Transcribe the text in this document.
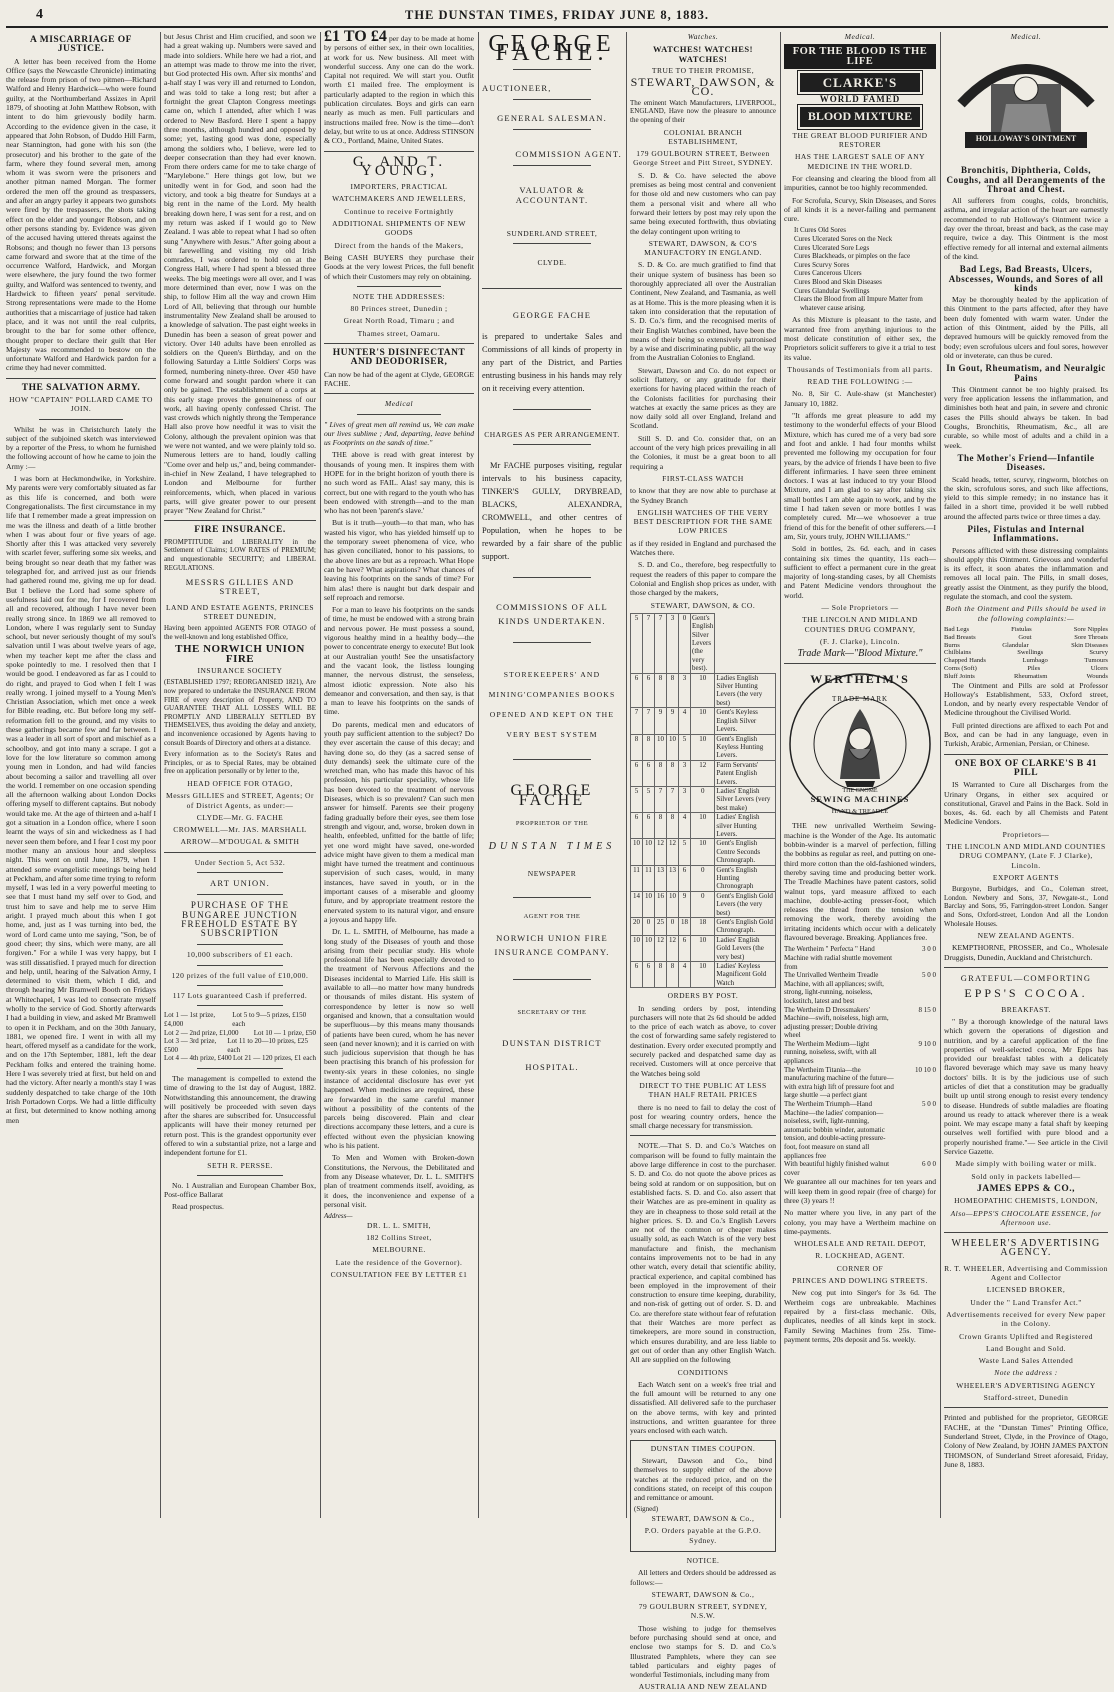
4	THE DUNSTAN TIMES, FRIDAY JUNE 8, 1883.
A MISCARRIAGE OF JUSTICE.

A letter has been received from the Home Office (says the Newcastle Chronicle) intimating the release from prison of two pitmen—Richard Walford and Henry Hardwick—who were found guilty, at the Northumberland Assizes in April 1879, of shooting at John Matthew Robson, with intent to do him grievously bodily harm. According to the evidence given in the case, it appeared that John Robson, of Duddo Hill Farm, near Stannington, had gone with his son (the prosecutor) and his brother to the gate of the farm, where they found several men, among whom it was sworn were the prisoners and another pitman named Morgan. The former ordered the men off the ground as trespassers, and after an angry parley it appears two gunshots were fired by the trespassers, the shots taking effect on the elder and younger Robson, and on other persons standing by. Evidence was given of the accused having uttered threats against the Robsons; and though no fewer than 13 persons came forward and swore that at the time of the occurrence Walford, Hardwick, and Morgan were elsewhere, the jury found the two former guilty, and Walford was sentenced to twenty, and Hardwick to fifteen years' penal servitude. Strong representations were made to the Home authorities that a miscarriage of justice had taken place, and it was not until the real culprits, brought to the bar for some other offence, thought proper to declare their guilt that Her Majesty was recommended to bestow on the unfortunate Walford and Hardwick pardon for a crime they had never committed.

THE SALVATION ARMY.
HOW "CAPTAIN" POLLARD CAME TO JOIN.

Whilst he was in Christchurch lately the subject of the subjoined sketch was interviewed by a reporter of the Press, to whom he furnished the following account of how he came to join the Army :—

I was born at Heckmondwike, in Yorkshire. My parents were very comfortably situated as far as this life is concerned, and both were Congregationalists. The first circumstance in my life that I remember made a great impression on me was the illness and death of a little brother when I was about four or five years of age. Shortly after this I was attacked very severely with scarlet fever, suffering some six weeks, and being brought so near death that my father was telegraphed for, and arrived just as our friends had gathered round me, giving me up for dead. But I believe the Lord had some sphere of usefulness laid out for me, for I recovered from all and recovered, although I have never been really strong since. In 1869 we all removed to London, where I was regularly sent to Sunday school, but never seriously thought of my soul's salvation until I was about twelve years of age, when my teacher kept me after the class and spoke pointedly to me. I resolved then that I would be good. I endeavored as far as I could to do right, and prayed to God when I felt I was really wrong. I joined myself to a Young Men's Christian Association, which met once a week for Bible reading, etc. But before long my self-reformation fell to the ground, and my visits to these gatherings became few and far between. I was a leader in all sort of sport and mischief as a schoolboy, and got into many a scrape. I got a love for the low literature so common among young men in London, and had wild fancies about becoming a sailor and travelling all over the world. I remember on one occasion spending all the afternoon walking about London Docks offering myself to different captains. But nobody would take me. At the age of thirteen and a-half I got a situation in a London office, where I soon learnt the ways of sin and wickedness as I had never seen them before, and I fear I cost my poor mother many an anxious hour and sleepless night. This went on until June, 1879, when I attended some evangelistic meetings being held at Peckham, and after some time trying to reform myself, I was led in a very powerful meeting to see that I must hand my self over to God, and trust him to save and help me to serve Him aright. I prayed much about this when I got home, and, just as I was turning into bed, the word of Lord came unto me saying, "Son, be of good cheer; thy sins, which were many, are all forgiven." For a while I was very happy, but I was still dissatisfied. I prayed much for direction and help, until, hearing of the Salvation Army, I determined to visit them, which I did, and through hearing Mr Bramwell Booth on Fridays at Whitechapel, I was led to consecrate myself wholly to the service of God. Shortly afterwards I had a building in view, and asked Mr Bramwell to open it in Peckham, and on the 30th January, 1881, we opened fire. I went in with all my heart, offered myself as a candidate for the work, and on the 17th September, 1881, left the dear Peckham folks and entered the training home. Here I was severely tried at first, but held on and had the victory. After nearly a month's stay I was suddenly despatched to take charge of the 10th Irish Portadown Corps. We had a little difficulty at first, but determined to know nothing among men

but Jesus Christ and Him crucified, and soon we had a great waking up. Numbers were saved and made into soldiers. While here we had a riot, and an attempt was made to throw me into the river, but God protected His own. After six months' and a-half stay I was very ill and returned to London, and was told to take a long rest; but after a fortnight the great Clapton Congress meetings came on, which I attended, after which I was ordered to New Basford. Here I spent a happy three months, although hundred and opposed by some; yet, lasting good was done, especially among the soldiers who, I believe, were led to deeper consecration than they had ever known. From there orders came for me to take charge of "Marylebone." Here things got low, but we unitedly went in for God, and soon had the victory, and took a big theatre for Sundays at a big rent in the name of the Lord. My health breaking down here, I was sent for a rest, and on my return was asked if I would go to New Zealand. I was able to repeat what I had so often sung "Anywhere with Jesus." After going about a bit farewelling and visiting my old Irish comrades, I was ordered to hold on at the Congress Hall, where I had spent a blessed three weeks. The big meetings were all over, and I was more determined than ever, now I was on the ship, to follow Him all the way and crown Him Lord of All, believing that through our humble instrumentality New Zealand shall be aroused to a knowledge of salvation. The past eight weeks in Dunedin has been a season of great power and victory. Over 140 adults have been enrolled as soldiers on the Queen's Birthday, and on the following Saturday a Little Soldiers' Corps was formed, numbering ninety-three. Over 450 have come forward and sought pardon where it can only be gained. The establishment of a corps at this early stage proves the genuineness of our work, all having openly confessed Christ. The vast crowds which nightly throng the Temperance Hall also prove how needful it was to visit the Colony, although the prevalent opinion was that we were not wanted, and we were plainly told so. Numerous letters are to hand, loudly calling "Come over and help us," and, being commander-in-chief in New Zealand, I have telegraphed to London and Melbourne for further reinforcements, which, when placed in various parts, will give greater power to our present prayer "New Zealand for Christ."

FIRE INSURANCE.

PROMPTITUDE and LIBERALITY in the Settlement of Claims; LOW RATES of PREMIUM; and unquestionable SECURITY; and LIBERAL REGULATIONS.

MESSRS GILLIES AND STREET,
LAND AND ESTATE AGENTS, PRINCES STREET DUNEDIN,

Having been appointed AGENTS FOR OTAGO of the well-known and long established Office,

THE NORWICH UNION FIRE
INSURANCE SOCIETY

(ESTABLISHED 1797; REORGANISED 1821), Are now prepared to undertake the INSURANCE FROM FIRE of every description of Property, AND TO GUARANTEE THAT ALL LOSSES WILL BE PROMPTLY AND LIBERALLY SETTLED BY THEMSELVES, thus avoiding the delay and anxiety, and inconvenience occasioned by Agents having to consult Boards of Directory and others at a distance.

Every information as to the Society's Rates and Principles, or as to Special Rates, may be obtained free on application personally or by letter to the,

HEAD OFFICE FOR OTAGO,
Messrs GILLIES and STREET, Agents; Or of District Agents, as under:—
CLYDE—Mr. G. FACHE
CROMWELL—Mr. JAS. MARSHALL
ARROW—M'DOUGAL & SMITH
Under Section 5, Act 532.
ART UNION.
PURCHASE OF THE BUNGAREE JUNCTION FREEHOLD ESTATE BY SUBSCRIPTION
10,000 subscribers of £1 each.
120 prizes of the full value of £10,000.
117 Lots guaranteed Cash if preferred.
Lot 1 — 1st prize, £4,000
Lot 5 to 9—5 prizes, £150 each
Lot 2 — 2nd prize, £1,000 Lot 10 — 1 prize, £50
Lot 3 — 3rd prize, £500
Lot 11 to 20—10 prizes, £25 each
Lot 4 — 4th prize, £400 Lot 21 — 120 prizes, £1 each

The management is compelled to extend the time of drawing to the 1st day of August, 1882. Notwithstanding this announcement, the drawing will positively be proceeded with seven days after the shares are subscribed for. Unsuccessful applicants will have their money returned per return post. This is the grandest opportunity ever offered to win a substantial prize, not a large and independent fortune for £1.

SETH R. PERSSE.

No. 1 Australian and European Chamber Box, Post-office Ballarat

Read prospectus.

£1 TO £4 per day to be made at home by persons of either sex, in their own localities, at work for us. New business. All meet with wonderful success. Any one can do the work. Capital not required. We will start you. Outfit worth £1 mailed free. The employment is particularly adapted to the region in which this publication circulates. Boys and girls can earn nearly as much as men. Full particulars and instructions mailed free. Now is the time—don't delay, but write to us at once. Address STINSON & CO., Portland, Maine, United States.

G. AND T. YOUNG,
IMPORTERS, PRACTICAL
WATCHMAKERS AND JEWELLERS,
Continue to receive Fortnightly
ADDITIONAL SHIPMENTS OF NEW GOODS
Direct from the hands of the Makers,

Being CASH BUYERS they purchase their Goods at the very lowest Prices, the full benefit of which their Customers may rely on obtaining.

NOTE THE ADDRESSES:
80 Princes street, Dunedin ;
Great North Road, Timaru ; and
Thames street, Oamaru.
HUNTER'S DISINFECTANT AND DEODORISER,

Can now be had of the agent at Clyde, GEORGE FACHE.

Medical

" Lives of great men all remind us, We can make our lives sublime ; And, departing, leave behind us Footprints on the sands of time."

THE above is read with great interest by thousands of young men. It inspires them with HOPE for in the bright horizon of youth there is no such word as FAIL. Alas! say many, this is correct, but one with regard to the youth who has been endowed with strength—and to the man who has not been 'parent's slave.'

But is it truth—youth—to that man, who has wasted his vigor, who has yielded himself up to the temporary sweet phenomena of vice, who has given conciliated, honor to his passions, to the above lines are but as a reproach. What Hope can be have? What aspirations? What chances of leaving his footprints on the sands of time? For him alas! there is naught but dark despair and self reproach and remorse.

For a man to leave his footprints on the sands of time, he must be endowed with a strong brain and nervous power. He must possess a sound, vigorous healthy mind in a healthy body—the power to concentrate energy to execute! But look at our Australian youth! See the unsatisfactory and the vacant look, the listless lounging manner, the nervous distrust, the senseless, almost idiotic expression. Note also his demeanor and conversation, and then say, is that a man to leave his footprints on the sands of time.

Do parents, medical men and educators of youth pay sufficient attention to the subject? Do they ever ascertain the cause of this decay; and having done so, do they (as a sacred sense of duty demands) seek the ultimate cure of the wretched man, who has made this havoc of his profession, his particular speciality, whose life has been devoted to the treatment of nervous Diseases, which is so prevalent? Can such men answer for himself. Parents see their progeny fading gradually before their eyes, see them lose strength and vigour, and, worse, broken down in health, enfeebled, unfitted for the battle of life; yet one word might have saved, one-worded advice might have given to them a medical man might have turned the treatment and continuous supervision of such cases, would, in many instances, have saved in youth, or in the important causes of a miserable and gloomy future, and by appropriate treatment restore the enervated system to its natural vigor, and ensure a joyous and happy life.

Dr. L. L. SMITH, of Melbourne, has made a long study of the Diseases of youth and those arising from their peculiar study. His whole professional life has been especially devoted to the treatment of Nervous Affections and the Diseases incidental to Married Life. His skill is available to all—no matter how many hundreds or thousands of miles distant. His system of correspondence by letter is now so well organised and known, that a consultation would be superfluous—by this means many thousands of patients have been cured, whom he has never seen (and never known); and it is carried on with such judicious supervision that though he has been practising this branch of his profession for twenty-six years in these colonies, no single instance of accidental disclosure has ever yet happened. When medicines are required, these are forwarded in the same careful manner without a possibility of the contents of the parcels being discovered. Plain and clear directions accompany these letters, and a cure is effected without even the physician knowing who is his patient.

To Men and Women with Broken-down Constitutions, the Nervous, the Debilitated and from any Disease whatever, Dr. L. L. SMITH'S plan of treatment commends itself, avoiding, as it does, the inconvenience and expense of a personal visit.

Address—
DR. L. L. SMITH,
182 Collins Street,
MELBOURNE.
Late the residence of the Governor).
CONSULTATION FEE BY LETTER £1
GEORGE FACHE.
AUCTIONEER,
GENERAL SALESMAN.
COMMISSION AGENT.
VALUATOR & ACCOUNTANT.
SUNDERLAND STREET,
CLYDE.
GEORGE FACHE

is prepared to undertake Sales and Commissions of all kinds of property in any part of the District, and Parties entrusting business in his hands may rely on it receiving every attention.

CHARGES AS PER ARRANGEMENT.

Mr FACHE purposes visiting, regular intervals to his business capacity, TINKER'S GULLY, DRYBREAD, BLACKS, ALEXANDRA, CROMWELL, and other centres of Population, when he hopes to be rewarded by a fair share of the public support.

COMMISSIONS OF ALL KINDS UNDERTAKEN.
STOREKEEPERS' AND MINING'COMPANIES BOOKS OPENED AND KEPT ON THE VERY BEST SYSTEM
GEORGE FACHE
PROPRIETOR OF THE
DUNSTAN TIMES
NEWSPAPER
AGENT FOR THE
NORWICH UNION FIRE INSURANCE COMPANY.
SECRETARY OF THE
DUNSTAN DISTRICT HOSPITAL.
Watches.
WATCHES! WATCHES! WATCHES!
TRUE TO THEIR PROMISE,
STEWART, DAWSON, & CO.

The eminent Watch Manufacturers, LIVERPOOL, ENGLAND, Have now the pleasure to announce the opening of their

COLONIAL BRANCH ESTABLISHMENT,
179 GOULBOURN STREET, Between George Street and Pitt Street, SYDNEY.

S. D. & Co. have selected the above premises as being most central and convenient for those old and new customers who can pay them a personal visit and where all who forward their letters by post may rely upon the same being executed forthwith, thus obviating the delay contingent upon writing to

STEWART, DAWSON, & CO'S MANUFACTORY IN ENGLAND.

S. D. & Co. are much gratified to find that their unique system of business has been so thoroughly appreciated all over the Australian Continent, New Zealand, and Tasmania, as well as at Home. This is the more pleasing when it is taken into consideration that the reputation of S. D. Co.'s firm, and the recognised merits of their English Watches combined, have been the means of their being so extensively patronised by a wise and discriminating public, all the way from the Australian Colonies to England.

Stewart, Dawson and Co. do not expect or solicit flattery, or any gratitude for their exertions for having placed within the reach of the Colonists facilities for purchasing their watches at exactly the same prices as they are now daily sold all over England, Ireland and Scotland.

Still S. D. and Co. consider that, on an account of the very high prices prevailing in all the Colonies, it must be a great boon to all requiring a

FIRST-CLASS WATCH

to know that they are now able to purchase at the Sydney Branch

ENGLISH WATCHES OF THE VERY BEST DESCRIPTION FOR THE SAME LOW PRICES

as if they resided in England and purchased the Watches there.

S. D. and Co., therefore, beg respectfully to request the readers of this paper to compare the Colonial and English shop prices as under, with those charged by the makers,

STEWART, DAWSON, & CO.
5	7	7	3	0	Gent's English Silver Levers (the very best).	
6	6	8	8	3	10	Ladies English Silver Hunting Levers (the very best)
7	7	9	9	4	10	Gent's Keyless English Silver Levers.
8	8	10	10	5	10	Gent's English Keyless Hunting Levers.
6	6	8	8	3	12	Farm Servants' Patent English Levers.
5	5	7	7	3	0	Ladies' English Silver Levers (very best make)
6	6	8	8	4	10	Ladies' English silver Hunting Levers.
10	10	12	12	5	10	Gent's English Centre Seconds Chronograph.
11	11	13	13	6	0	Gent's English Hunting Chronograph
14	10	16	10	9	0	Gent's English Gold Levers (the very best)
20	0	25	0	18	18	Gent's English Gold Chronograph.
10	10	12	12	6	10	Ladies' English Gold Levers (the very best)
6	6	8	8	4	10	Ladies' Keyless Magnificent Gold Watch
ORDERS BY POST.

In sending orders by post, intending purchasers will note that 2s 6d should be added to the price of each watch as above, to cover the cost of forwarding same safely registered to destination. Every order executed promptly and securely packed and despatched same day as received. Customers will at once perceive that the Watches being sold

DIRECT TO THE PUBLIC AT LESS THAN HALF RETAIL PRICES

there is no need to fail to delay the cost of post for wearing country orders, hence the small charge necessary for transmission.

NOTE.—That S. D. and Co.'s Watches on comparison will be found to fully maintain the above large difference in cost to the purchaser. S. D. and Co. do not quote the above prices as being sold at random or on supposition, but on established facts. S. D. and Co. also assert that their Watches are as pre-eminent in quality as they are in cheapness to those sold retail at the higher prices. S. D. and Co.'s English Levers are not of the common or cheaper makes usually sold, as each Watch is of the very best manufacture and finish, the mechanism contains improvements not to be had in any other watch, every detail that scientific ability, practical experience, and capital combined has been employed in the improvement of their construction to ensure time keeping, durability, and non-risk of getting out of order. S. D. and Co. are therefore state without fear of refutation that their Watches are more perfect as timekeepers, are more sound in construction, which ensures durability, and are less liable to get out of order than any other English Watch. All are supplied on the following

CONDITIONS

Each Watch sent on a week's free trial and the full amount will be returned to any one dissatisfied. All delivered safe to the purchaser on the above terms, with key and printed instructions, and written guarantee for three years enclosed with each watch.

DUNSTAN TIMES COUPON.

Stewart, Dawson and Co., bind themselves to supply either of the above watches at the reduced price, and on the conditions stated, on receipt of this coupon and remittance or amount.

(Signed)
STEWART, DAWSON & Co.,
P.O. Orders payable at the G.P.O. Sydney.
NOTICE.

All letters and Orders should be addressed as follows:—

STEWART, DAWSON & Co.,
79 GOULBURN STREET, SYDNEY, N.S.W.

Those wishing to judge for themselves before purchasing should send at once, and enclose two stamps for S. D. and Co.'s Illustrated Pamphlets, where they can see tabled particulars and eighty pages of wonderful Testimonials, including many from

AUSTRALIA AND NEW ZEALAND
Medical.
FOR THE BLOOD IS THE LIFE
CLARKE'S
WORLD FAMED
BLOOD MIXTURE
THE GREAT BLOOD PURIFIER AND RESTORER
HAS THE LARGEST SALE OF ANY MEDICINE IN THE WORLD.

For cleansing and clearing the blood from all impurities, cannot be too highly recommended.

For Scrofula, Scurvy, Skin Diseases, and Sores of all kinds it is a never-failing and permanent cure.

It Cures Old Sores
Cures Ulcerated Sores on the Neck
Cures Ulcerated Sore Legs
Cures Blackheads, or pimples on the face
Cures Scurvy Sores
Cures Cancerous Ulcers
Cures Blood and Skin Diseases
Cures Glandular Swellings
Clears the Blood from all Impure Matter from whatever cause arising.

As this Mixture is pleasant to the taste, and warranted free from anything injurious to the most delicate constitution of either sex, the Proprietors solicit sufferers to give it a trial to test its value.

Thousands of Testimonials from all parts.
READ THE FOLLOWING :—

No. 8, Sir C. Aule-shaw (st Manchester) January 10, 1882.

"It affords me great pleasure to add my testimony to the wonderful effects of your Blood Mixture, which has cured me of a very bad sore and foot and ankle. I had four months whilst prevented me following my occupation for four years, by the advice of friends I have been to five different infirmaries. I have seen three eminent doctors. I was at last induced to try your Blood Mixture, and I am glad to say after taking six small bottles I am able again to work, and by the time I had taken seven or more bottles I was completely cured. Mr—we whosoever a true friend of this for the benefit of other sufferers.—I am, Sir, yours truly, JOHN WILLIAMS."

Sold in bottles, 2s. 6d. each, and in cases containing six times the quantity, 11s each—sufficient to effect a permanent cure in the great majority of long-standing cases, by all Chemists and Patent Medicine vendors throughout the world.

— Sole Proprietors —
THE LINCOLN AND MIDLAND COUNTIES DRUG COMPANY,
(F. J. Clarke), Lincoln.
Trade Mark—"Blood Mixture."
WERTHEIM'S
TRADE MARK
THE GNOME
SEWING MACHINES
HAND & TREADLE

THE new unrivalled Wertheim Sewing-machine is the Wonder of the Age. Its automatic bobbin-winder is a marvel of perfection, filling the bobbins as regular as reel, and putting on one-third more cotton than the old-fashioned winders, thereby saving time and producing better work. The Treadle Machines have patent castors, solid walnut tops, yard measure affixed to each machine, double-acting presser-foot, which releases the thread from the tension when removing the work, thereby avoiding the irritating incidents which occur with a delicately flavoured beverage. Breaking. Appliances free.

The Wertheim " Perfecta " Hand Machine with radial shuttle movement from
3 0 0
The Unrivalled Wertheim Treadle Machine, with all appliances; swift, strong, light-running, noiseless, lockstitch, latest and best
5 0 0
The Wertheim D Dressmakers' Machine—swift, noiseless, high arm, adjusting presser; Double driving wheel
8 15 0
The Wertheim Medium—light running, noiseless, swift, with all appliances
9 10 0
The Wertheim Titania—the manufacturing machine of the future—with extra high lift of pressure foot and large shuttle —a perfect giant
10 10 0
The Wertheim Triumph—Hand Machine—the ladies' companion—noiseless, swift, light-running, automatic bobbin winder, automatic tension, and double-acting pressure-foot, foot measure on stand all appliances free
5 0 0
With beautiful highly finished walnut cover
6 0 0

We guarantee all our machines for ten years and will keep them in good repair (free of charge) for three (3) years !!

No matter where you live, in any part of the colony, you may have a Wertheim machine on time-payments.

WHOLESALE AND RETAIL DEPOT,
R. LOCKHEAD, AGENT.
CORNER OF
PRINCES AND DOWLING STREETS.

New cog put into Singer's for 3s 6d. The Wertheim cogs are unbreakable. Machines repaired by a first-class mechanic. Oils, duplicates, needles of all kinds kept in stock. Family Sewing Machines from 25s. Time-payment terms, 20s deposit and 5s. weekly.

Medical.
HOLLOWAY'S OINTMENT
Bronchitis, Diphtheria, Colds, Coughs, and all Derangements of the Throat and Chest.

All sufferers from coughs, colds, bronchitis, asthma, and irregular action of the heart are earnestly recommended to rub Holloway's Ointment twice a day over the throat, breast and back, as the case may require, twice a day. This Ointment is the most effective remedy for all internal and external ailments of the kind.

Bad Legs, Bad Breasts, Ulcers, Abscesses, Wounds, and Sores of all kinds

May be thoroughly healed by the application of this Ointment to the parts affected, after they have been duly fomented with warm water. Under the action of this Ointment, aided by the Pills, all depraved humours will be quickly removed from the body; even scrofulous ulcers and foul sores, however old or inveterate, can thus be cured.

In Gout, Rheumatism, and Neuralgic Pains

This Ointment cannot be too highly praised. Its very free application lessens the inflammation, and diminishes both heat and pain, in severe and chronic cases the Pills should always be taken. In bad Coughs, Bronchitis, Rheumatism, &c., all are curable, so while most of adults and a child in a week.

The Mother's Friend—Infantile Diseases.

Scald heads, tetter, scurvy, ringworm, blotches on the skin, scrofulous sores, and such like affections, yield to this simple remedy; in no instance has it failed in a short time, provided it be well rubbed around the affected parts twice or three times a day.

Piles, Fistulas and Internal Inflammations.

Persons afflicted with these distressing complaints should apply this Ointment. Grievous and wonderful is its effect, it soon abates the inflammation and removes all local pain. The Pills, in small doses, greatly assist the Ointment, as they purify the blood, regulate the stomach, and cool the system.

Both the Ointment and Pills should be used in the following complaints:—
Bad Legs	Fistulas	Sore Nipples
Bad Breasts	Gout	Sore Throats
Burns	Glandular	Skin Diseases
Chilblains	Swellings	Scurvy
Chapped Hands	Lumbago	Tumours
Corns (Soft)	Piles	Ulcers
Bluff Joints	Rheumatism	Wounds

The Ointment and Pills are sold at Professor Holloway's Establishment, 533, Oxford street, London, and by nearly every respectable Vendor of Medicine throughout the Civilised World.

Full printed directions are affixed to each Pot and Box, and can be had in any language, even in Turkish, Arabic, Armenian, Persian, or Chinese.

ONE BOX OF CLARKE'S B 41 PILL

IS Warranted to Cure all Discharges from the Urinary Organs, in either sex acquired or constitutional, Gravel and Pains in the Back. Sold in boxes, 4s. 6d. each by all Chemists and Patent Medicine Vendors.

Proprietors—
THE LINCOLN AND MIDLAND COUNTIES DRUG COMPANY, (Late F. J Clarke), Lincoln.
EXPORT AGENTS

Burgoyne, Burbidges, and Co., Coleman street, London. Newbery and Sons, 37, Newgate-st., Lond Barclay and Sons, 95, Farringdon-street London. Sanger and Sons, Oxford-street, London And all the London Wholesale Houses.

NEW ZEALAND AGENTS.

KEMPTHORNE, PROSSER, and Co., Wholesale Druggists, Dunedin, Auckland and Christchurch.

GRATEFUL—COMFORTING
EPPS'S COCOA.
BREAKFAST.

" By a thorough knowledge of the natural laws which govern the operations of digestion and nutrition, and by a careful application of the fine properties of well-selected cocoa, Mr Epps has provided our breakfast tables with a delicately flavored beverage which may save us many heavy doctors' bills. It is by the judicious use of such articles of diet that a constitution may be gradually built up until strong enough to resist every tendency to disease. Hundreds of subtle maladies are floating around us ready to attack wherever there is a weak point. We may escape many a fatal shaft by keeping ourselves well fortified with pure blood and a properly nourished frame."— See article in the Civil Service Gazette.

Made simply with boiling water or milk.
Sold only in packets labelled—
JAMES EPPS & CO.,
HOMEOPATHIC CHEMISTS, LONDON,
Also—EPPS'S CHOCOLATE ESSENCE, for Afternoon use.
WHEELER'S ADVERTISING AGENCY.
R. T. WHEELER, Advertising and Commission Agent and Collector
LICENSED BROKER,
Under the " Land Transfer Act."
Advertisements received for every New paper in the Colony.
Crown Grants Uplifted and Registered
Land Bought and Sold.
Waste Land Sales Attended
Note the address :
WHEELER'S ADVERTISING AGENCY
Stafford-street, Dunedin

Printed and published for the proprietor, GEORGE FACHE, at the "Dunstan Times" Printing Office, Sunderland Street, Clyde, in the Province of Otago, Colony of New Zealand, by JOHN JAMES PAXTON THOMSON, of Sunderland Street aforesaid, Friday, June 8, 1883.
